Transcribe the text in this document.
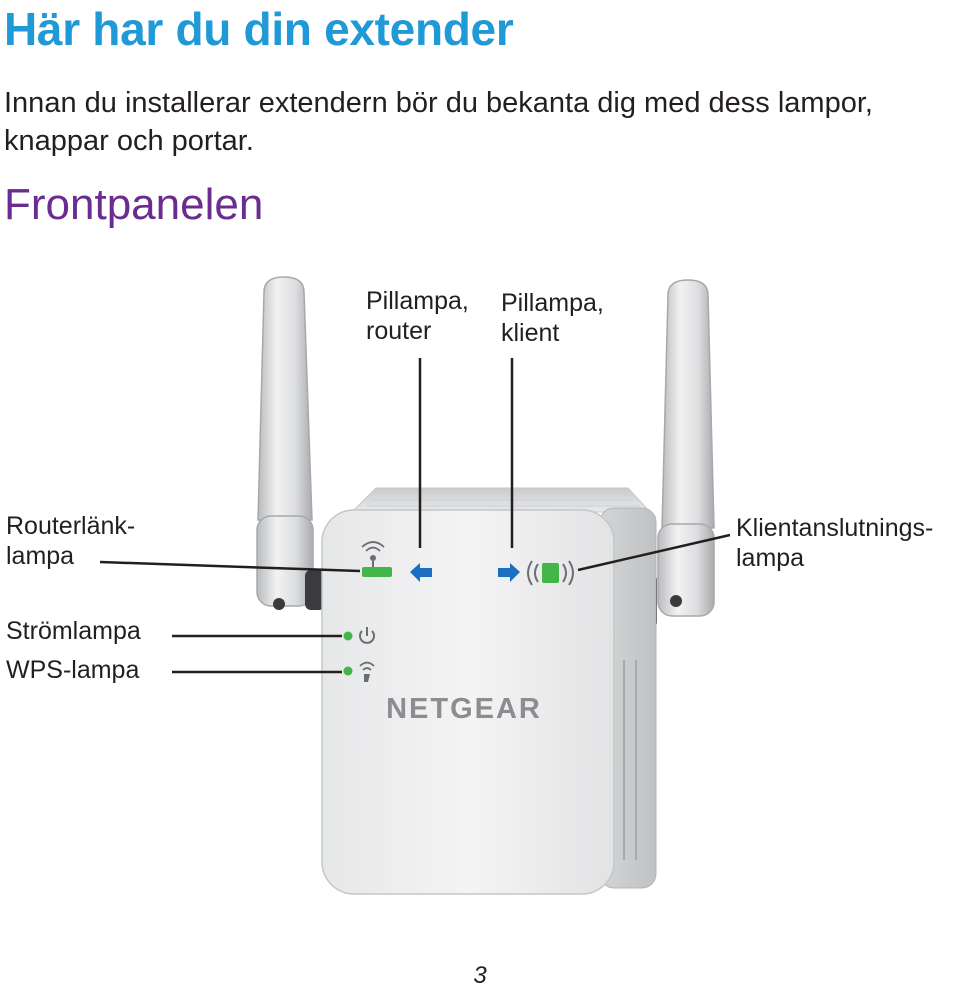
Här har du din extender

Innan du installerar extendern bör du bekanta dig med dess lampor, knappar och portar.

Frontpanelen
NETGEAR
Pillampa,
router
Pillampa,
klient
Routerlänk-
lampa
Klientanslutnings-
lampa
Strömlampa
WPS-lampa
3
